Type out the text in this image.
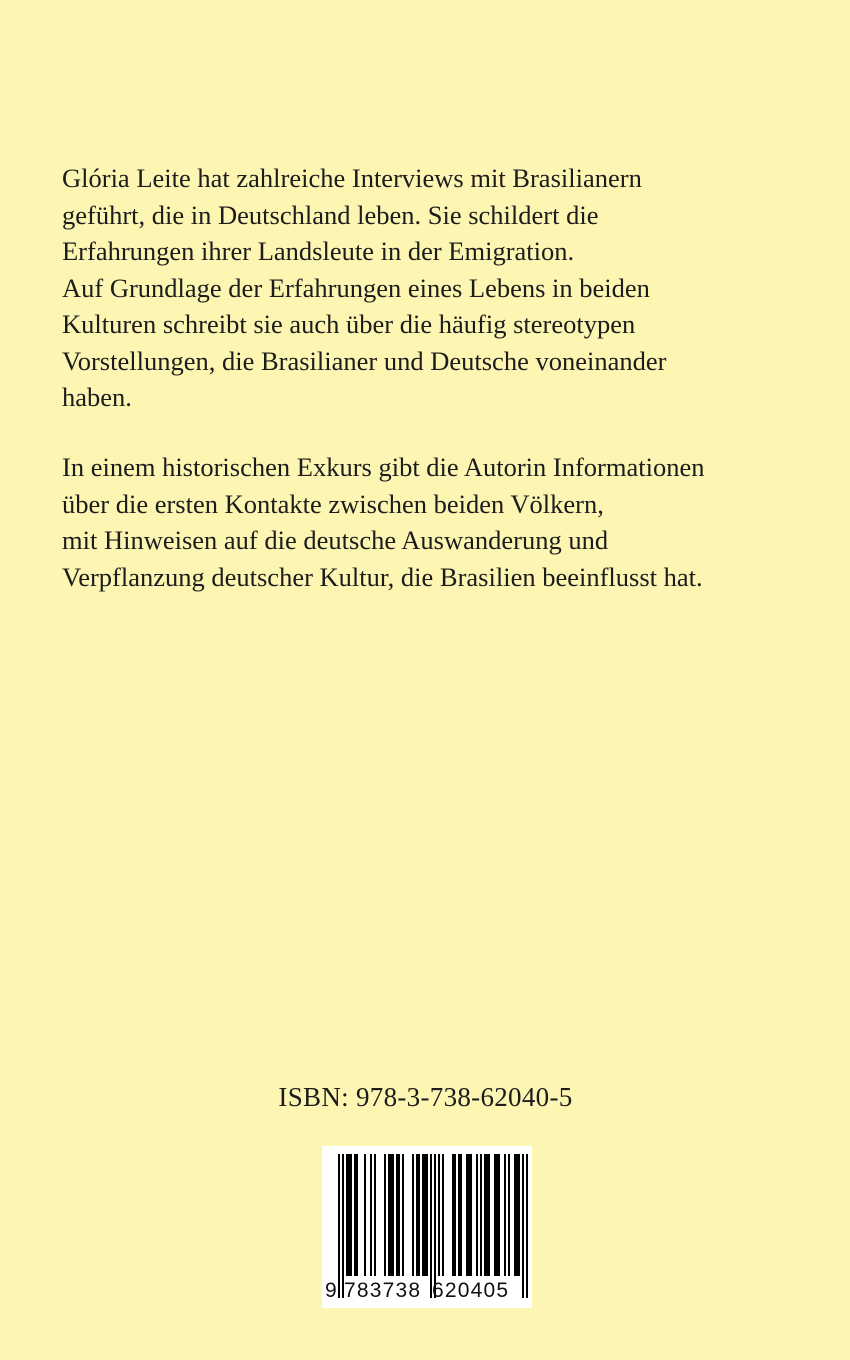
Glória Leite hat zahlreiche Interviews mit Brasilianern
geführt, die in Deutschland leben. Sie schildert die
Erfahrungen ihrer Landsleute in der Emigration.
Auf Grundlage der Erfahrungen eines Lebens in beiden
Kulturen schreibt sie auch über die häufig stereotypen
Vorstellungen, die Brasilianer und Deutsche voneinander
haben.

In einem historischen Exkurs gibt die Autorin Informationen
über die ersten Kontakte zwischen beiden Völkern,
mit Hinweisen auf die deutsche Auswanderung und
Verpflanzung deutscher Kultur, die Brasilien beeinflusst hat.

ISBN: 978-3-738-62040-5
9 783738 620405
